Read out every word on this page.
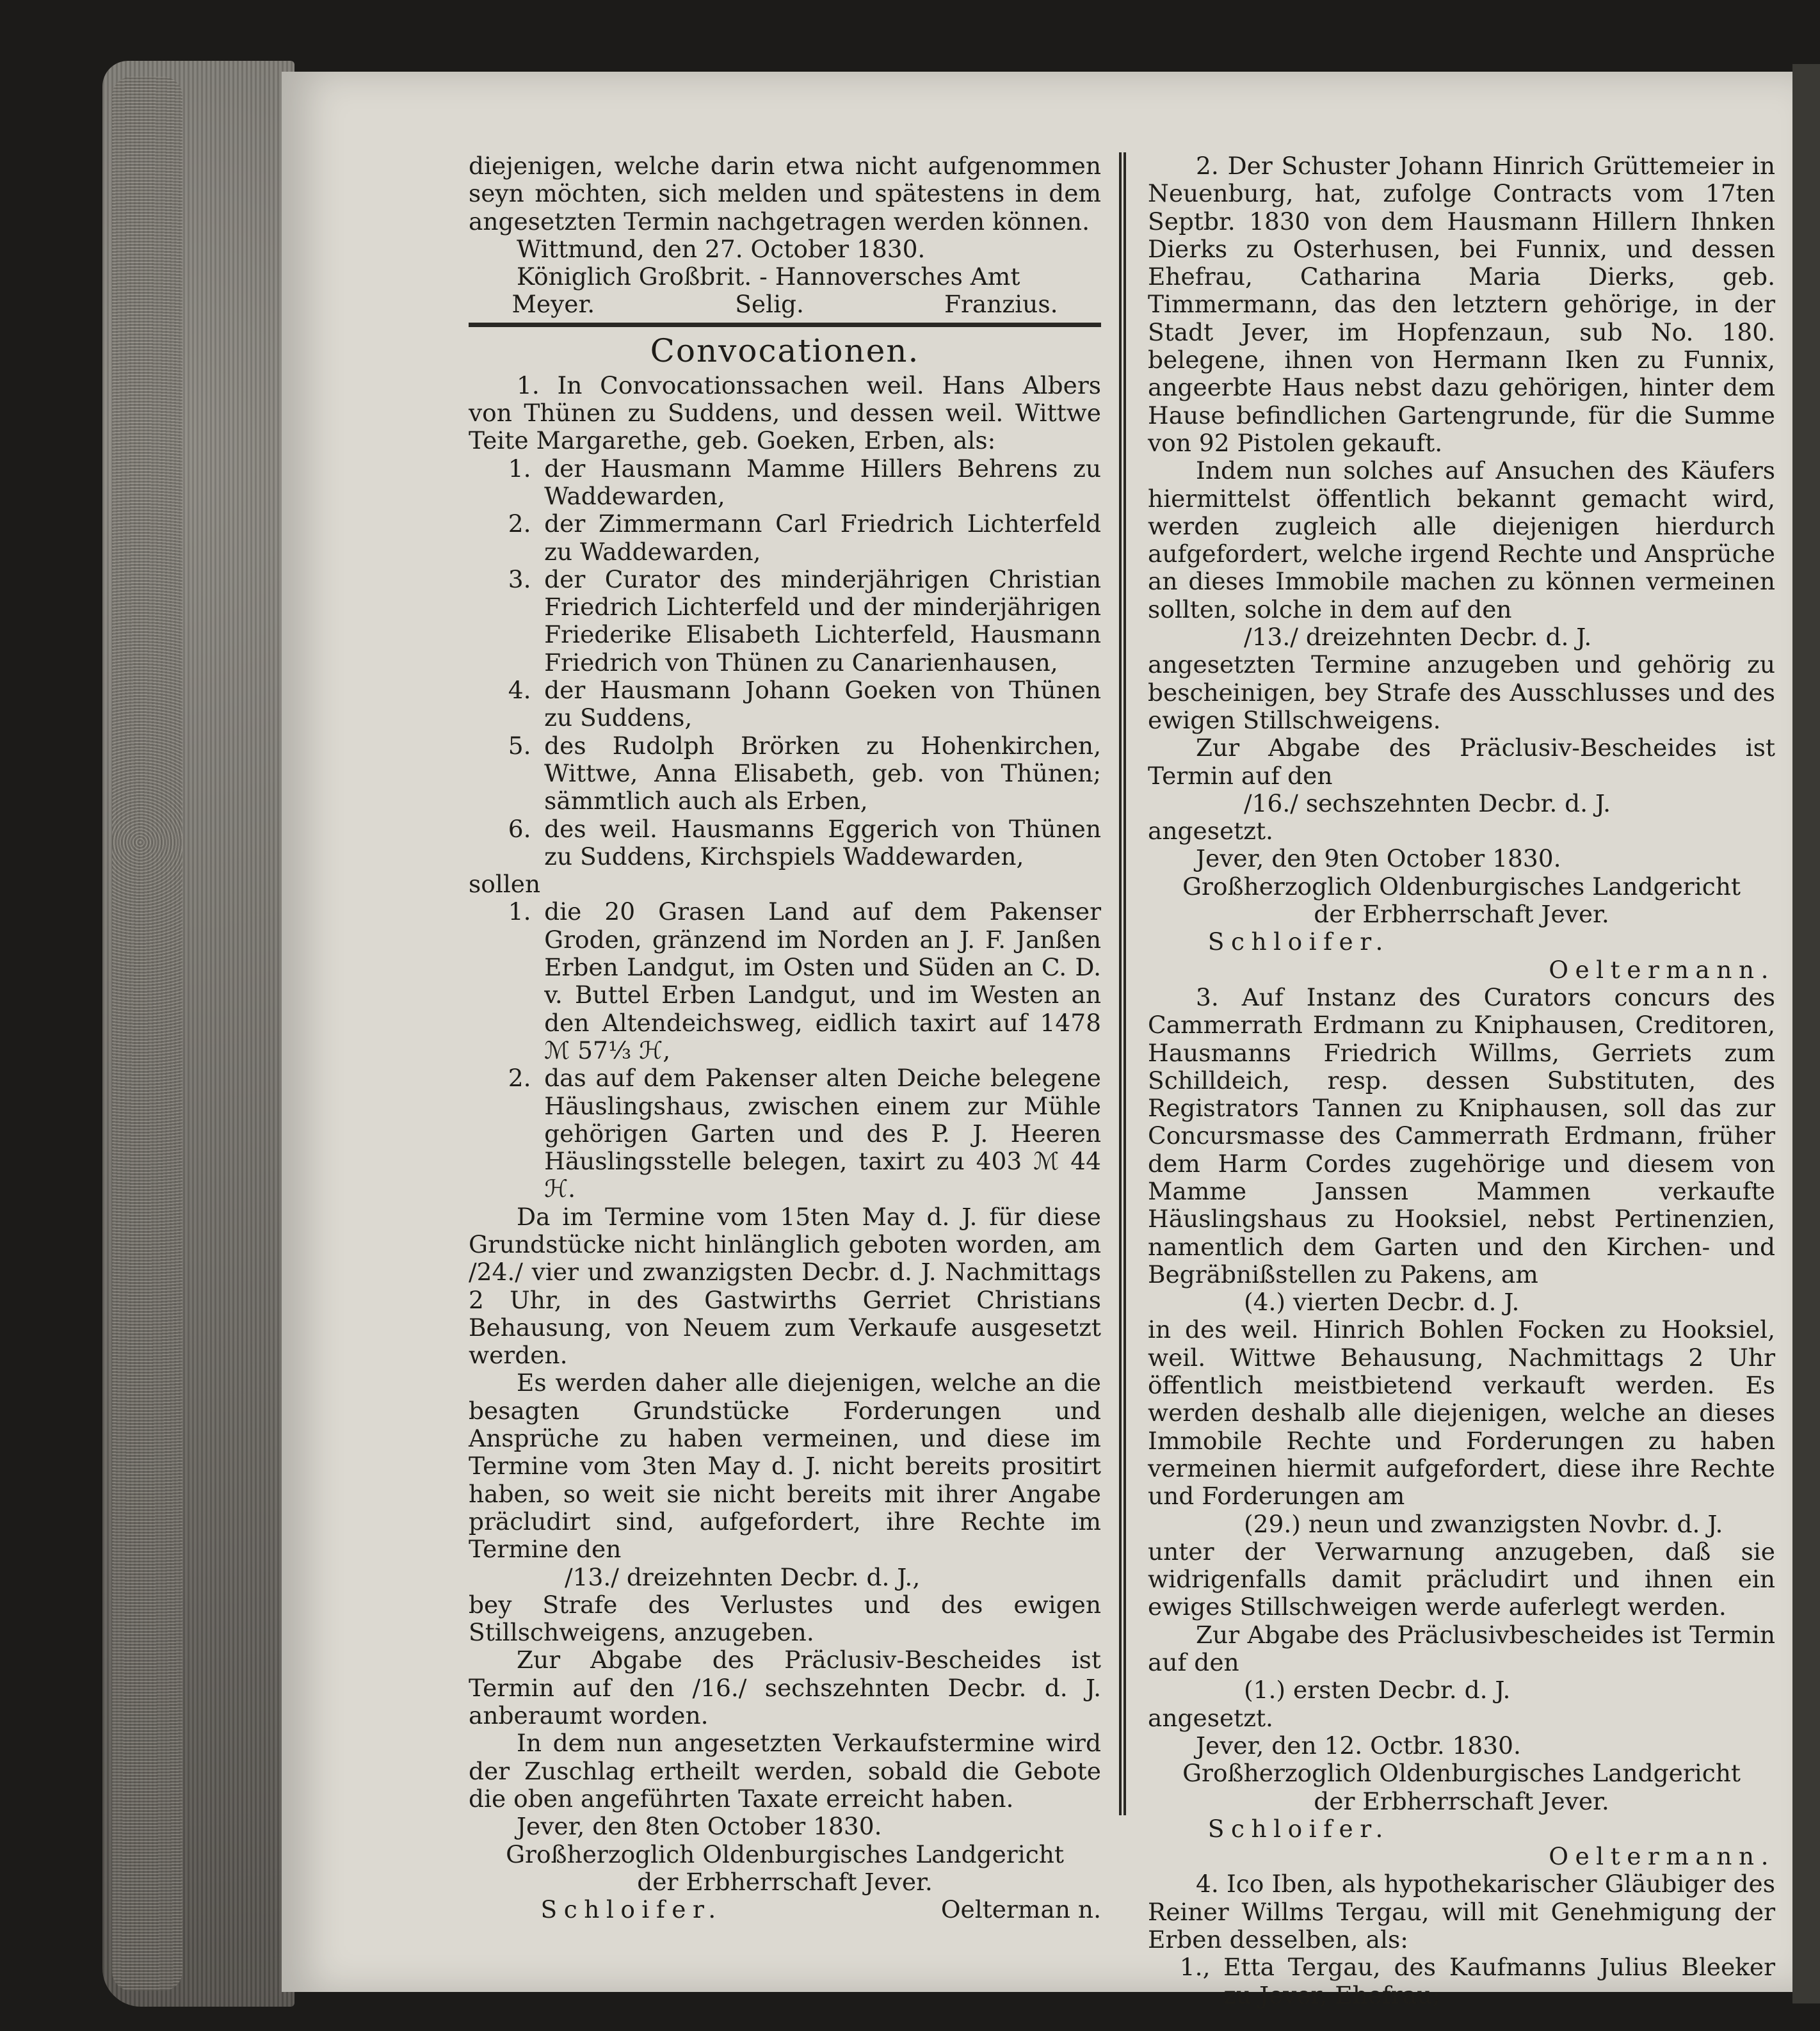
diejenigen, welche darin etwa nicht aufgenommen seyn möchten, sich melden und spätestens in dem angesetzten Termin nachgetragen werden können.

Wittmund, den 27. October 1830.

Königlich Großbrit. - Hannoversches Amt

Meyer.	Selig.	Franzius.
Convocationen.

1. In Convocationssachen weil. Hans Albers von Thünen zu Suddens, und dessen weil. Wittwe Teite Margarethe, geb. Goeken, Erben, als:

1. der Hausmann Mamme Hillers Behrens zu Waddewarden,
2. der Zimmermann Carl Friedrich Lichterfeld zu Waddewarden,
3. der Curator des minderjährigen Christian Friedrich Lichterfeld und der minderjährigen Friederike Elisabeth Lichterfeld, Hausmann Friedrich von Thünen zu Canarienhausen,
4. der Hausmann Johann Goeken von Thünen zu Suddens,
5. des Rudolph Brörken zu Hohenkirchen, Wittwe, Anna Elisabeth, geb. von Thünen; sämmtlich auch als Erben,
6. des weil. Hausmanns Eggerich von Thünen zu Suddens, Kirchspiels Waddewarden,

sollen

1. die 20 Grasen Land auf dem Pakenser Groden, gränzend im Norden an J. F. Janßen Erben Landgut, im Osten und Süden an C. D. v. Buttel Erben Landgut, und im Westen an den Altendeichsweg, eidlich taxirt auf 1478 ℳ 57⅓ ℋ,
2. das auf dem Pakenser alten Deiche belegene Häuslingshaus, zwischen einem zur Mühle gehörigen Garten und des P. J. Heeren Häuslingsstelle belegen, taxirt zu 403 ℳ 44 ℋ.

Da im Termine vom 15ten May d. J. für diese Grundstücke nicht hinlänglich geboten worden, am /24./ vier und zwanzigsten Decbr. d. J. Nachmittags 2 Uhr, in des Gastwirths Gerriet Christians Behausung, von Neuem zum Verkaufe ausgesetzt werden.

Es werden daher alle diejenigen, welche an die besagten Grundstücke Forderungen und Ansprüche zu haben vermeinen, und diese im Termine vom 3ten May d. J. nicht bereits prositirt haben, so weit sie nicht bereits mit ihrer Angabe präcludirt sind, aufgefordert, ihre Rechte im Termine den

/13./ dreizehnten Decbr. d. J.,

bey Strafe des Verlustes und des ewigen Stillschweigens, anzugeben.

Zur Abgabe des Präclusiv-Bescheides ist Termin auf den /16./ sechszehnten Decbr. d. J. anberaumt worden.

In dem nun angesetzten Verkaufstermine wird der Zuschlag ertheilt werden, sobald die Gebote die oben angeführten Taxate erreicht haben.

Jever, den 8ten October 1830.

Großherzoglich Oldenburgisches Landgericht

der Erbherrschaft Jever.

Schloifer.	Oelterman n.

2. Der Schuster Johann Hinrich Grüttemeier in Neuenburg, hat, zufolge Contracts vom 17ten Septbr. 1830 von dem Hausmann Hillern Ihnken Dierks zu Osterhusen, bei Funnix, und dessen Ehefrau, Catharina Maria Dierks, geb. Timmermann, das den letztern gehörige, in der Stadt Jever, im Hopfenzaun, sub No. 180. belegene, ihnen von Hermann Iken zu Funnix, angeerbte Haus nebst dazu gehörigen, hinter dem Hause befindlichen Gartengrunde, für die Summe von 92 Pistolen gekauft.

Indem nun solches auf Ansuchen des Käufers hiermittelst öffentlich bekannt gemacht wird, werden zugleich alle diejenigen hierdurch aufgefordert, welche irgend Rechte und Ansprüche an dieses Immobile machen zu können vermeinen sollten, solche in dem auf den

/13./ dreizehnten Decbr. d. J.

angesetzten Termine anzugeben und gehörig zu bescheinigen, bey Strafe des Ausschlusses und des ewigen Stillschweigens.

Zur Abgabe des Präclusiv-Bescheides ist Termin auf den

/16./ sechszehnten Decbr. d. J.

angesetzt.

Jever, den 9ten October 1830.

Großherzoglich Oldenburgisches Landgericht

der Erbherrschaft Jever.

Schloifer.

Oeltermann.

3. Auf Instanz des Curators concurs des Cammerrath Erdmann zu Kniphausen, Creditoren, Hausmanns Friedrich Willms, Gerriets zum Schilldeich, resp. dessen Substituten, des Registrators Tannen zu Kniphausen, soll das zur Concursmasse des Cammerrath Erdmann, früher dem Harm Cordes zugehörige und diesem von Mamme Janssen Mammen verkaufte Häuslingshaus zu Hooksiel, nebst Pertinenzien, namentlich dem Garten und den Kirchen- und Begräbnißstellen zu Pakens, am

(4.) vierten Decbr. d. J.

in des weil. Hinrich Bohlen Focken zu Hooksiel, weil. Wittwe Behausung, Nachmittags 2 Uhr öffentlich meistbietend verkauft werden. Es werden deshalb alle diejenigen, welche an dieses Immobile Rechte und Forderungen zu haben vermeinen hiermit aufgefordert, diese ihre Rechte und Forderungen am

(29.) neun und zwanzigsten Novbr. d. J.

unter der Verwarnung anzugeben, daß sie widrigenfalls damit präcludirt und ihnen ein ewiges Stillschweigen werde auferlegt werden.

Zur Abgabe des Präclusivbescheides ist Termin auf den

(1.) ersten Decbr. d. J.

angesetzt.

Jever, den 12. Octbr. 1830.

Großherzoglich Oldenburgisches Landgericht

der Erbherrschaft Jever.

Schloifer.

Oeltermann.

4. Ico Iben, als hypothekarischer Gläubiger des Reiner Willms Tergau, will mit Genehmigung der Erben desselben, als:

1., Etta Tergau, des Kaufmanns Julius Bleeker zu Jever, Ehefrau;
